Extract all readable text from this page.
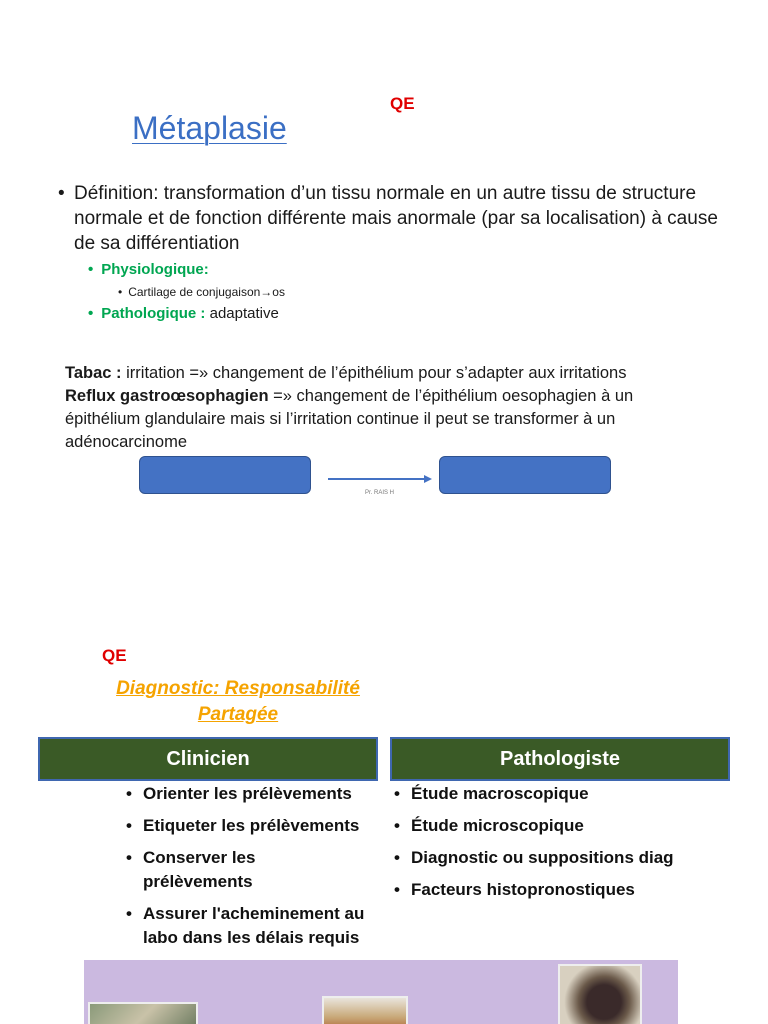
QE
Métaplasie
• Définition: transformation d’un tissu normale en un autre tissu de structure normale et de fonction différente mais anormale (par sa localisation) à cause de sa différentiation
• Physiologique:
• Cartilage de conjugaison→os
• Pathologique : adaptative
Tabac : irritation =» changement de l’épithélium pour s’adapter aux irritations
Reflux gastroœsophagien =» changement de l’épithélium oesophagien à un épithélium glandulaire mais si l’irritation continue il peut se transformer à un adénocarcinome
Pr. RAIS H
QE
Diagnostic: Responsabilité
Partagée
Clinicien	Pathologiste
• Orienter les prélèvements
• Etiqueter les prélèvements
• Conserver les prélèvements
• Assurer l'acheminement au labo dans les délais requis
• Étude macroscopique
• Étude microscopique
• Diagnostic ou suppositions diag
• Facteurs histopronostiques
